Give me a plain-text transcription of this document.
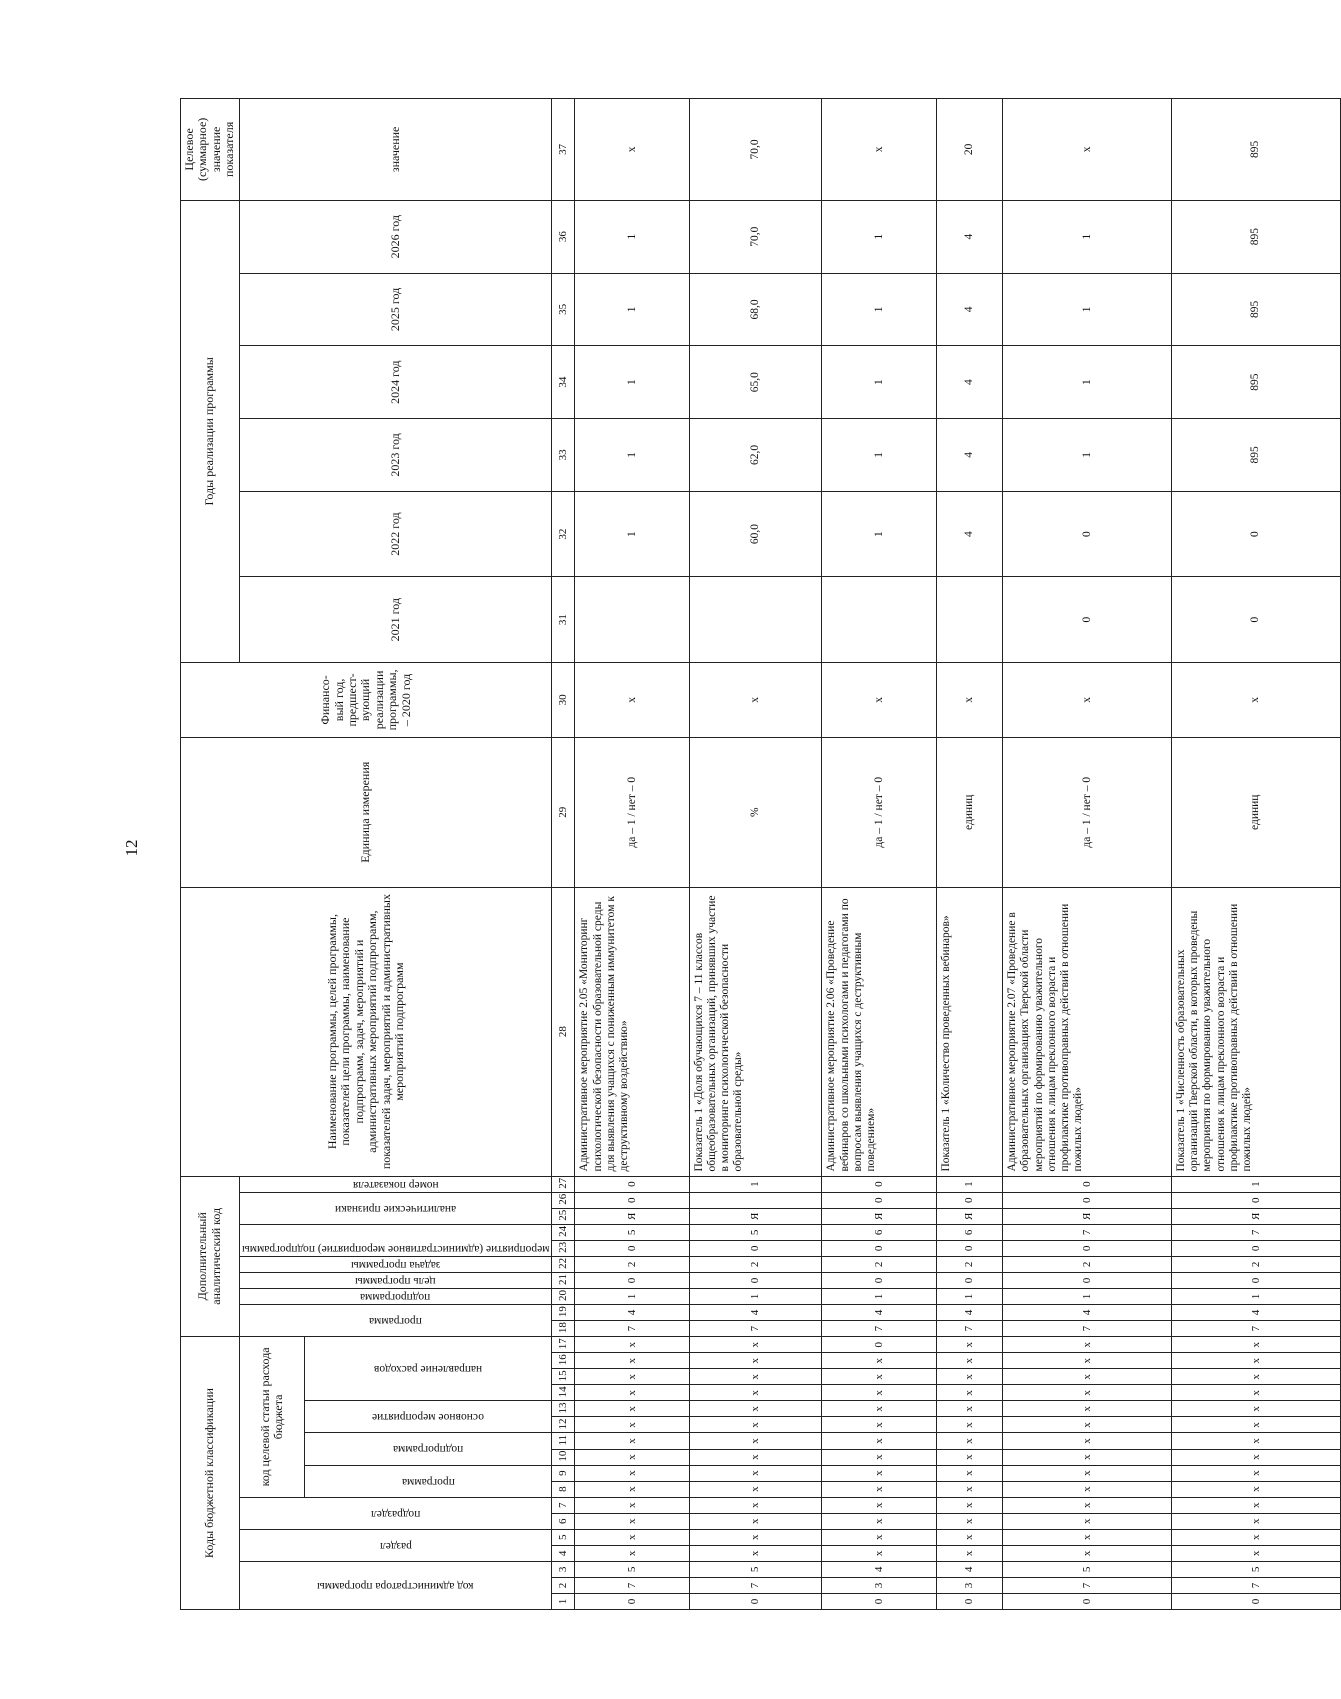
12
Коды бюджетной классификации																	Дополнительный аналитический код										Наименование программы, целей программы, показателей цели программы, наименование подпрограмм, задач, мероприятий и административных мероприятий подпрограмм, показателей задач, мероприятий и административных мероприятий подпрограмм	Единица измерения	Финансо-вый год, предшест-вующий реализации программы, – 2020 год	Годы реализации программы						Целевое (суммарное) значение показателя

код администратора программы			раздел		подраздел		код целевой статьи расхода бюджета										программа		подпрограмма	цель программы	задача программы	мероприятие (административное мероприятие) подпрограммы		аналитические признаки		номер показателя				2021 год	2022 год	2023 год	2024 год	2025 год	2026 год	значение

							программа		подпрограмма		основное мероприятие		направление расходов																							

1	2	3	4	5	6	7	8	9	10	11	12	13	14	15	16	17	18	19	20	21	22	23	24	25	26	27	28	29	30	31	32	33	34	35	36	37
0	7	5	х	х	х	х	х	х	х	х	х	х	х	х	х	х	7	4	1	0	2	0	5	Я	0	0	Административное мероприятие 2.05 «Мониторинг психологической безопасности образовательной среды для выявления учащихся с пониженным иммунитетом к деструктивному воздействию»	да – 1 / нет – 0	х		1	1	1	1	1	х
0	7	5	х	х	х	х	х	х	х	х	х	х	х	х	х	х	7	4	1	0	2	0	5	Я		1	Показатель 1 «Доля обучающихся 7 – 11 классов общеобразовательных организаций, принявших участие в мониторинге психологической безопасности образовательной среды»	%	х		60,0	62,0	65,0	68,0	70,0	70,0
0	3	4	х	х	х	х	х	х	х	х	х	х	х	х	х	0	7	4	1	0	2	0	6	Я	0	0	Административное мероприятие 2.06 «Проведение вебинаров со школьными психологами и педагогами по вопросам выявления учащихся с деструктивным поведением»	да – 1 / нет – 0	х		1	1	1	1	1	х
0	3	4	х	х	х	х	х	х	х	х	х	х	х	х	х	х	7	4	1	0	2	0	6	Я	0	1	Показатель 1 «Количество проведенных вебинаров»	единиц	х		4	4	4	4	4	20
0	7	5	х	х	х	х	х	х	х	х	х	х	х	х	х	х	7	4	1	0	2	0	7	Я	0	0	Административное мероприятие 2.07 «Проведение в образовательных организациях Тверской области мероприятий по формированию уважительного отношения к лицам преклонного возраста и профилактике противоправных действий в отношении пожилых людей»	да – 1 / нет – 0	х	0	0	1	1	1	1	х
0	7	5	х	х	х	х	х	х	х	х	х	х	х	х	х	х	7	4	1	0	2	0	7	Я	0	1	Показатель 1 «Численность образовательных организаций Тверской области, в которых проведены мероприятия по формированию уважительного отношения к лицам преклонного возраста и профилактике противоправных действий в отношении пожилых людей»	единиц	х	0	0	895	895	895	895	895
